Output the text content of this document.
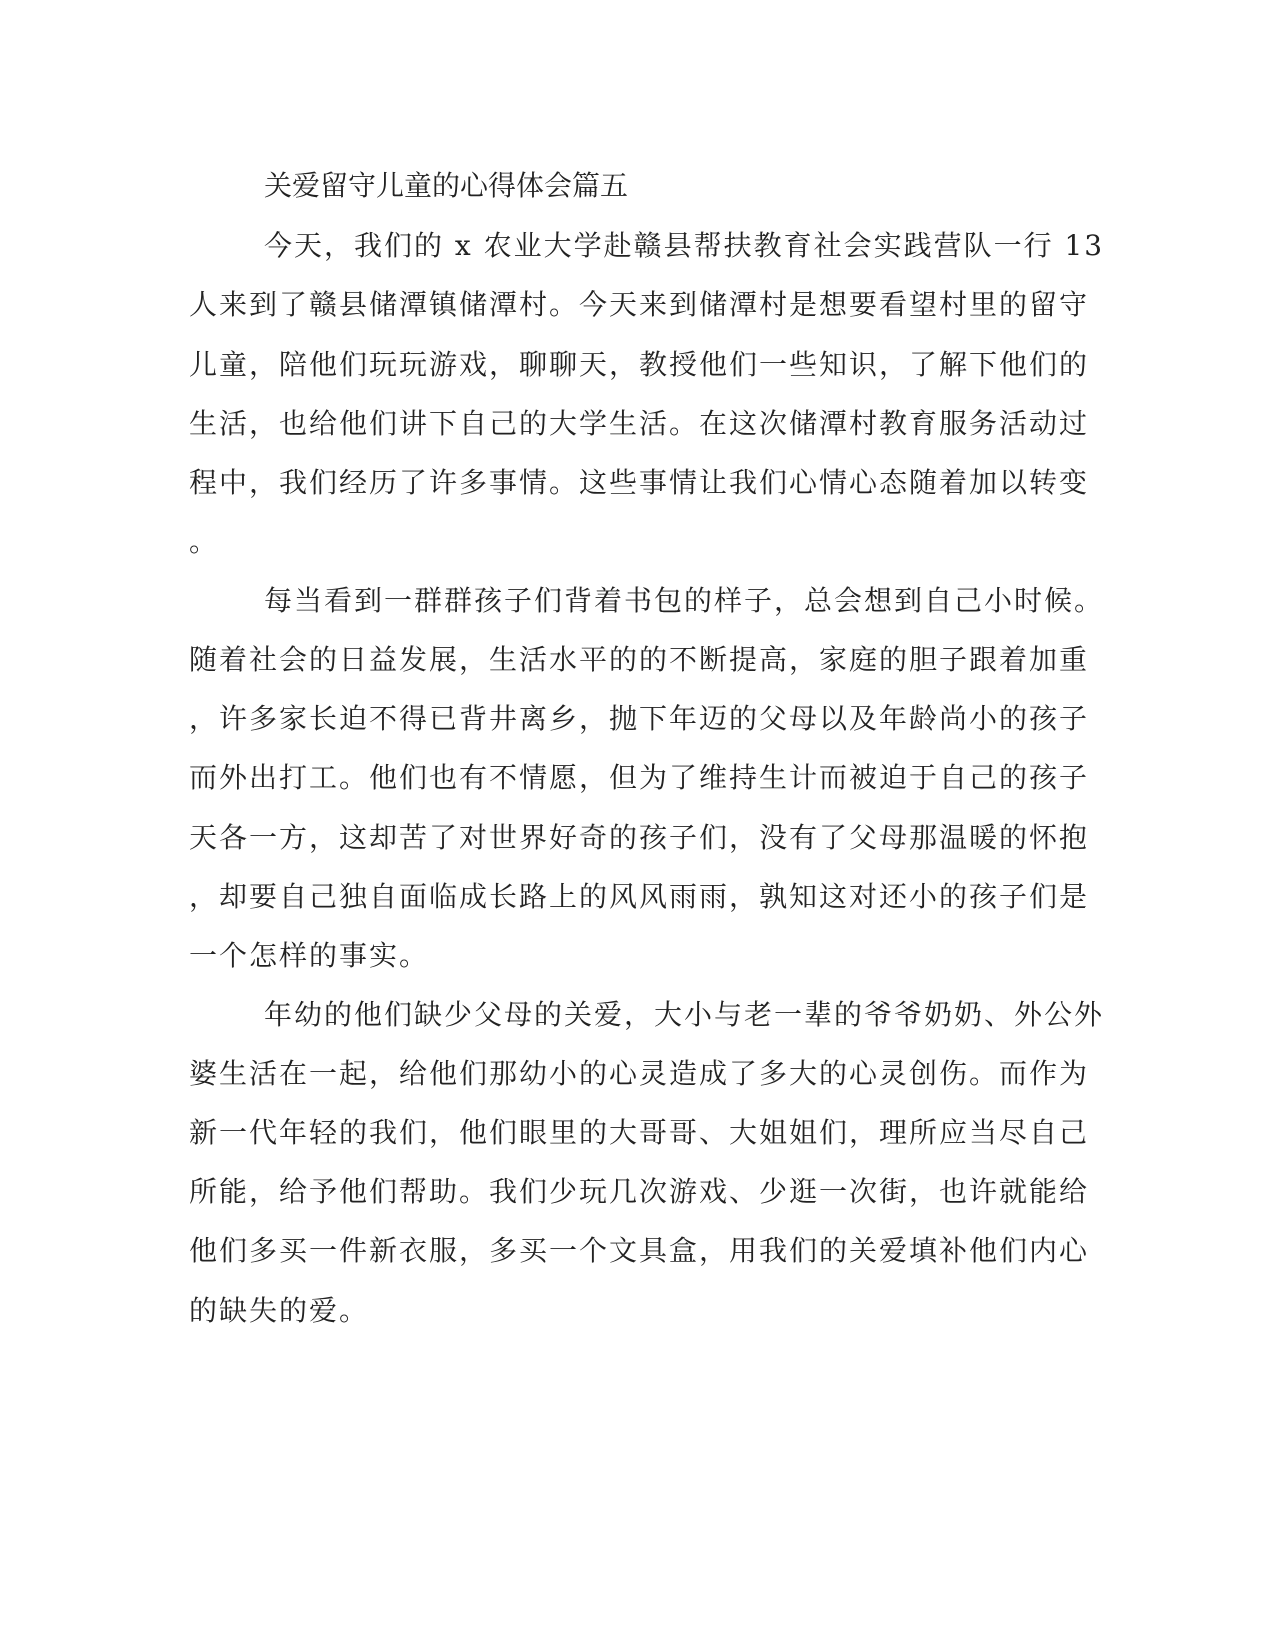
关爱留守儿童的心得体会篇五

今天，我们的 x 农业大学赴赣县帮扶教育社会实践营队一行 13

人来到了赣县储潭镇储潭村。今天来到储潭村是想要看望村里的留守

儿童，陪他们玩玩游戏，聊聊天，教授他们一些知识，了解下他们的

生活，也给他们讲下自己的大学生活。在这次储潭村教育服务活动过

程中，我们经历了许多事情。这些事情让我们心情心态随着加以转变

。

每当看到一群群孩子们背着书包的样子，总会想到自己小时候。

随着社会的日益发展，生活水平的的不断提高，家庭的胆子跟着加重

，许多家长迫不得已背井离乡，抛下年迈的父母以及年龄尚小的孩子

而外出打工。他们也有不情愿，但为了维持生计而被迫于自己的孩子

天各一方，这却苦了对世界好奇的孩子们，没有了父母那温暖的怀抱

，却要自己独自面临成长路上的风风雨雨，孰知这对还小的孩子们是

一个怎样的事实。

年幼的他们缺少父母的关爱，大小与老一辈的爷爷奶奶、外公外

婆生活在一起，给他们那幼小的心灵造成了多大的心灵创伤。而作为

新一代年轻的我们，他们眼里的大哥哥、大姐姐们，理所应当尽自己

所能，给予他们帮助。我们少玩几次游戏、少逛一次街，也许就能给

他们多买一件新衣服，多买一个文具盒，用我们的关爱填补他们内心

的缺失的爱。
